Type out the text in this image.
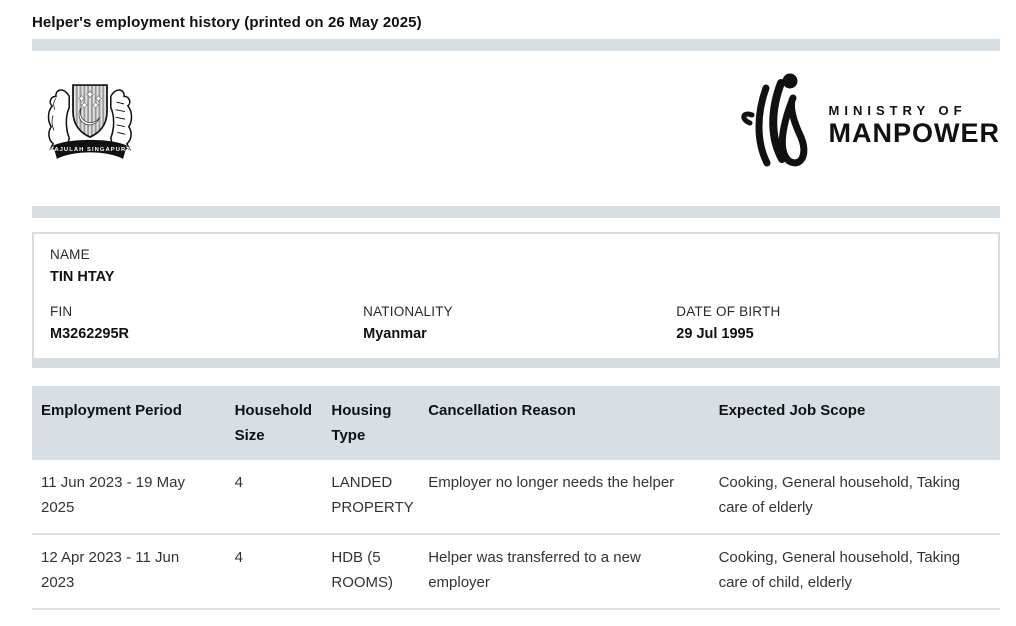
Helper's employment history (printed on 26 May 2025)
MAJULAH SINGAPURA
MINISTRY OF
MANPOWER
NAME
TIN HTAY
FIN
M3262295R
NATIONALITY
Myanmar
DATE OF BIRTH
29 Jul 1995
Employment Period	Household Size	Housing Type	Cancellation Reason	Expected Job Scope
11 Jun 2023 - 19 May 2025	4	LANDED PROPERTY	Employer no longer needs the helper	Cooking, General household, Taking care of elderly
12 Apr 2023 - 11 Jun 2023	4	HDB (5 ROOMS)	Helper was transferred to a new employer	Cooking, General household, Taking care of child, elderly
